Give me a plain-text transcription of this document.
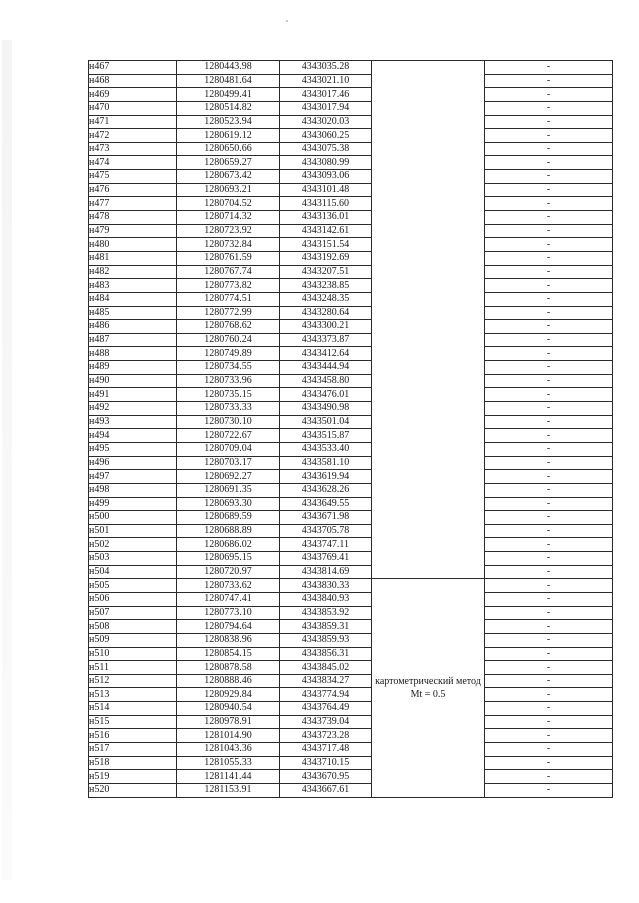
н467	1280443.98	4343035.28		-
н468	1280481.64	4343021.10		-
н469	1280499.41	4343017.46		-
н470	1280514.82	4343017.94		-
н471	1280523.94	4343020.03		-
н472	1280619.12	4343060.25		-
н473	1280650.66	4343075.38		-
н474	1280659.27	4343080.99		-
н475	1280673.42	4343093.06		-
н476	1280693.21	4343101.48		-
н477	1280704.52	4343115.60		-
н478	1280714.32	4343136.01		-
н479	1280723.92	4343142.61		-
н480	1280732.84	4343151.54		-
н481	1280761.59	4343192.69		-
н482	1280767.74	4343207.51		-
н483	1280773.82	4343238.85		-
н484	1280774.51	4343248.35		-
н485	1280772.99	4343280.64		-
н486	1280768.62	4343300.21		-
н487	1280760.24	4343373.87		-
н488	1280749.89	4343412.64		-
н489	1280734.55	4343444.94		-
н490	1280733.96	4343458.80		-
н491	1280735.15	4343476.01		-
н492	1280733.33	4343490.98		-
н493	1280730.10	4343501.04		-
н494	1280722.67	4343515.87		-
н495	1280709.04	4343533.40		-
н496	1280703.17	4343581.10		-
н497	1280692.27	4343619.94		-
н498	1280691.35	4343628.26		-
н499	1280693.30	4343649.55		-
н500	1280689.59	4343671.98		-
н501	1280688.89	4343705.78		-
н502	1280686.02	4343747.11		-
н503	1280695.15	4343769.41		-
н504	1280720.97	4343814.69		-
н505	1280733.62	4343830.33	картометрический метод Mt = 0.5	-
н506	1280747.41	4343840.93		-
н507	1280773.10	4343853.92		-
н508	1280794.64	4343859.31		-
н509	1280838.96	4343859.93		-
н510	1280854.15	4343856.31		-
н511	1280878.58	4343845.02		-
н512	1280888.46	4343834.27		-
н513	1280929.84	4343774.94		-
н514	1280940.54	4343764.49		-
н515	1280978.91	4343739.04		-
н516	1281014.90	4343723.28		-
н517	1281043.36	4343717.48		-
н518	1281055.33	4343710.15		-
н519	1281141.44	4343670.95		-
н520	1281153.91	4343667.61		-
